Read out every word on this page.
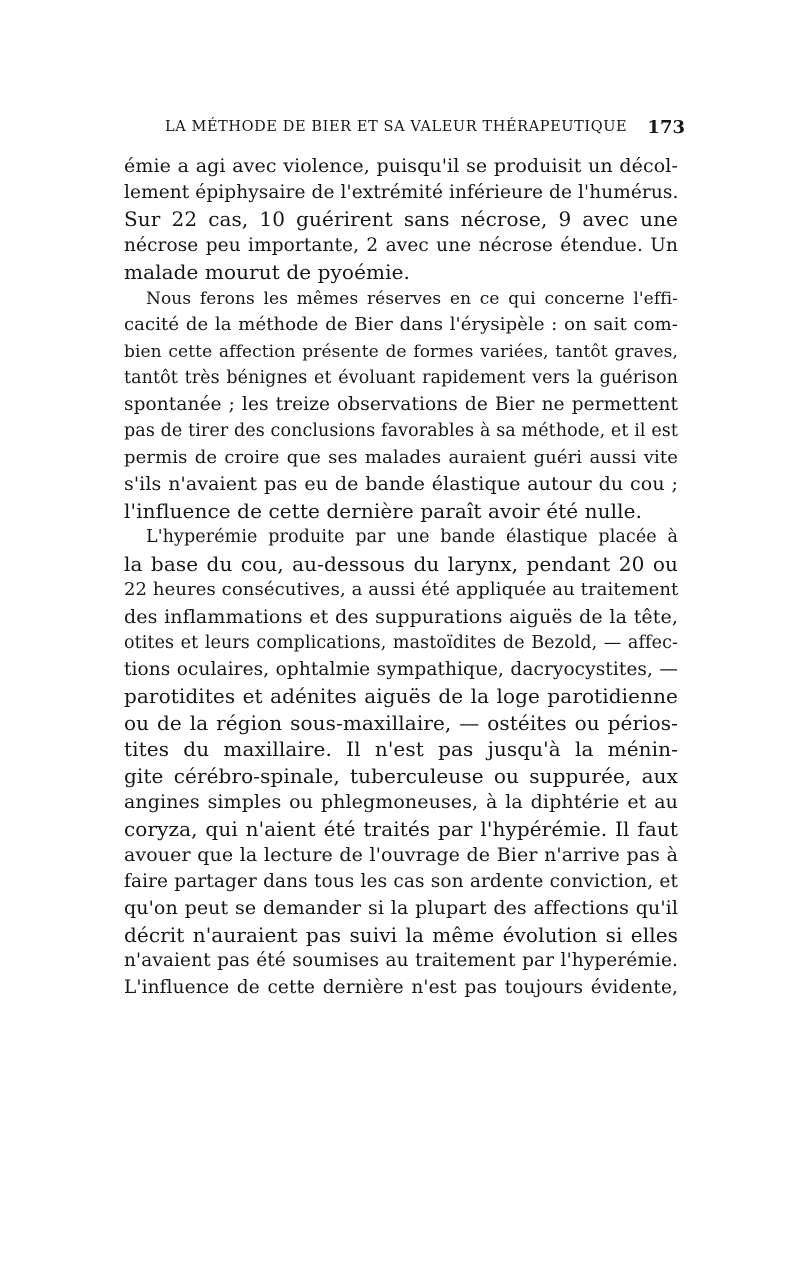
LA MÉTHODE DE BIER ET SA VALEUR THÉRAPEUTIQUE 173
émie a agi avec violence, puisqu'il se produisit un décol-
lement épiphysaire de l'extrémité inférieure de l'humérus.
Sur 22 cas, 10 guérirent sans nécrose, 9 avec une
nécrose peu importante, 2 avec une nécrose étendue. Un
malade mourut de pyoémie.
Nous ferons les mêmes réserves en ce qui concerne l'effi-
cacité de la méthode de Bier dans l'érysipèle : on sait com-
bien cette affection présente de formes variées, tantôt graves,
tantôt très bénignes et évoluant rapidement vers la guérison
spontanée ; les treize observations de Bier ne permettent
pas de tirer des conclusions favorables à sa méthode, et il est
permis de croire que ses malades auraient guéri aussi vite
s'ils n'avaient pas eu de bande élastique autour du cou ;
l'influence de cette dernière paraît avoir été nulle.
L'hyperémie produite par une bande élastique placée à
la base du cou, au-dessous du larynx, pendant 20 ou
22 heures consécutives, a aussi été appliquée au traitement
des inflammations et des suppurations aiguës de la tête,
otites et leurs complications, mastoïdites de Bezold, — affec-
tions oculaires, ophtalmie sympathique, dacryocystites, —
parotidites et adénites aiguës de la loge parotidienne
ou de la région sous-maxillaire, — ostéites ou périos-
tites du maxillaire. Il n'est pas jusqu'à la ménin-
gite cérébro-spinale, tuberculeuse ou suppurée, aux
angines simples ou phlegmoneuses, à la diphtérie et au
coryza, qui n'aient été traités par l'hypérémie. Il faut
avouer que la lecture de l'ouvrage de Bier n'arrive pas à
faire partager dans tous les cas son ardente conviction, et
qu'on peut se demander si la plupart des affections qu'il
décrit n'auraient pas suivi la même évolution si elles
n'avaient pas été soumises au traitement par l'hyperémie.
L'influence de cette dernière n'est pas toujours évidente,
